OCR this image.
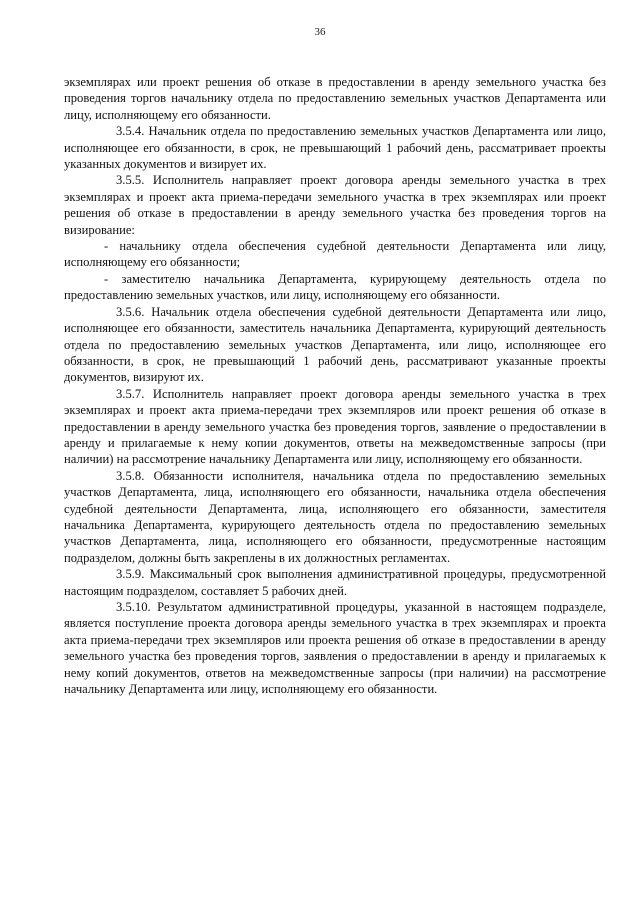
36

экземплярах или проект решения об отказе в предоставлении в аренду земельного участка без проведения торгов начальнику отдела по предоставлению земельных участков Департамента или лицу, исполняющему его обязанности.

3.5.4. Начальник отдела по предоставлению земельных участков Департамента или лицо, исполняющее его обязанности, в срок, не превышающий 1 рабочий день, рассматривает проекты указанных документов и визирует их.

3.5.5. Исполнитель направляет проект договора аренды земельного участка в трех экземплярах и проект акта приема-передачи земельного участка в трех экземплярах или проект решения об отказе в предоставлении в аренду земельного участка без проведения торгов на визирование:

- начальнику отдела обеспечения судебной деятельности Департамента или лицу, исполняющему его обязанности;

- заместителю начальника Департамента, курирующему деятельность отдела по предоставлению земельных участков, или лицу, исполняющему его обязанности.

3.5.6. Начальник отдела обеспечения судебной деятельности Департамента или лицо, исполняющее его обязанности, заместитель начальника Департамента, курирующий деятельность отдела по предоставлению земельных участков Департамента, или лицо, исполняющее его обязанности, в срок, не превышающий 1 рабочий день, рассматривают указанные проекты документов, визируют их.

3.5.7. Исполнитель направляет проект договора аренды земельного участка в трех экземплярах и проект акта приема-передачи трех экземпляров или проект решения об отказе в предоставлении в аренду земельного участка без проведения торгов, заявление о предоставлении в аренду и прилагаемые к нему копии документов, ответы на межведомственные запросы (при наличии) на рассмотрение начальнику Департамента или лицу, исполняющему его обязанности.

3.5.8. Обязанности исполнителя, начальника отдела по предоставлению земельных участков Департамента, лица, исполняющего его обязанности, начальника отдела обеспечения судебной деятельности Департамента, лица, исполняющего его обязанности, заместителя начальника Департамента, курирующего деятельность отдела по предоставлению земельных участков Департамента, лица, исполняющего его обязанности, предусмотренные настоящим подразделом, должны быть закреплены в их должностных регламентах.

3.5.9. Максимальный срок выполнения административной процедуры, предусмотренной настоящим подразделом, составляет 5 рабочих дней.

3.5.10. Результатом административной процедуры, указанной в настоящем подразделе, является поступление проекта договора аренды земельного участка в трех экземплярах и проекта акта приема-передачи трех экземпляров или проекта решения об отказе в предоставлении в аренду земельного участка без проведения торгов, заявления о предоставлении в аренду и прилагаемых к нему копий документов, ответов на межведомственные запросы (при наличии) на рассмотрение начальнику Департамента или лицу, исполняющему его обязанности.
